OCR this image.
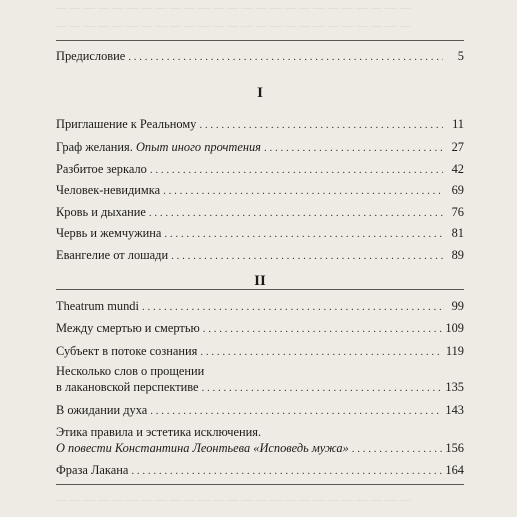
— — — — — — — — — — — — — — — — — — — — — — — — —
— — — — — — — — — — — — — — — — — — — — — — — — —
Предисловие . . .	5
I
Приглашение к Реальному . . .	11
Граф желания. Опыт иного прочтения . . .	27
Разбитое зеркало . . .	42
Человек-невидимка . . .	69
Кровь и дыхание . . .	76
Червь и жемчужина . . .	81
Евангелие от лошади . . .	89
II
Theatrum mundi . . .	99
Между смертью и смертью . . .	109
Субъект в потоке сознания . . .	119
Несколько слов о прощении
в лакановской перспективе . . .	135
В ожидании духа . . .	143
Этика правила и эстетика исключения.
О повести Константина Леонтьева «Исповедь мужа» . . .	156
Фраза Лакана . . .	164
— — — — — — — — — — — — — — — — — — — — — — — — —
